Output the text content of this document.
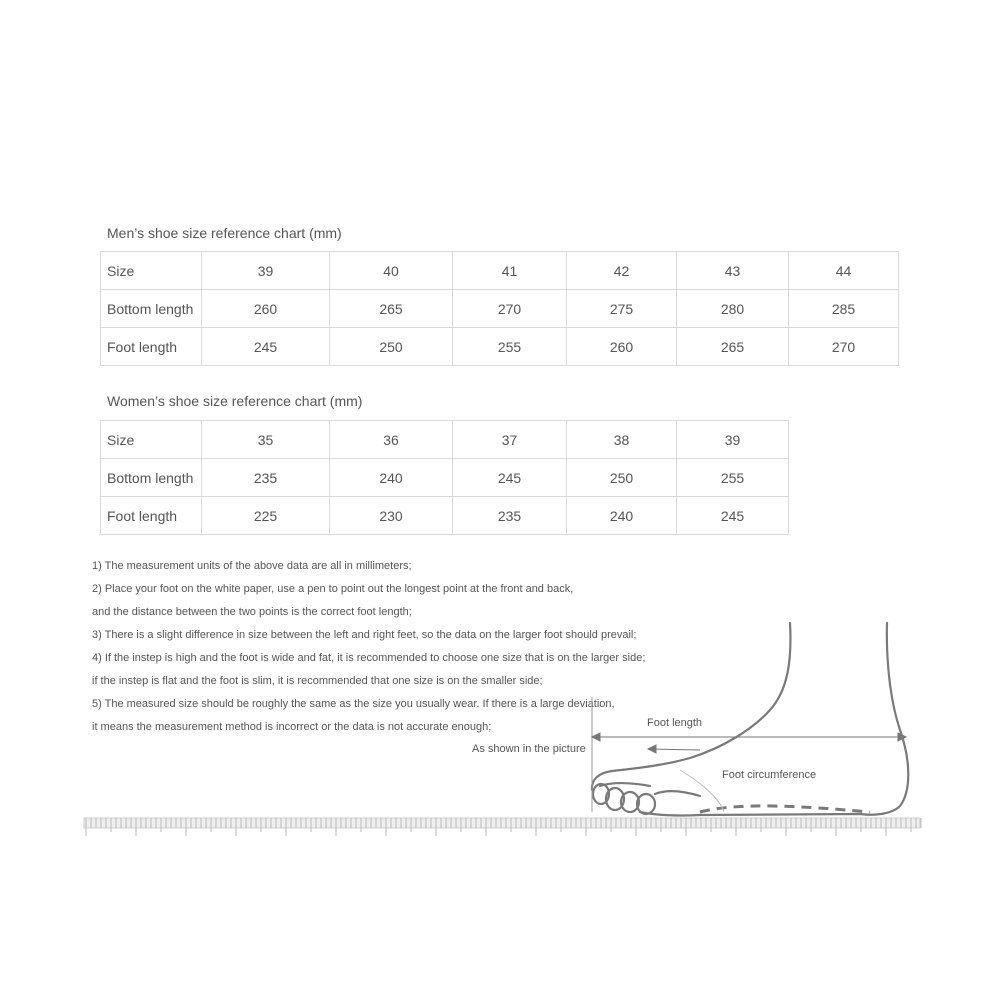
Men’s shoe size reference chart (mm)
Size	39	40	41	42	43	44
Bottom length	260	265	270	275	280	285
Foot length	245	250	255	260	265	270
Women’s shoe size reference chart (mm)
Size	35	36	37	38	39
Bottom length	235	240	245	250	255
Foot length	225	230	235	240	245
1) The measurement units of the above data are all in millimeters;
2) Place your foot on the white paper, use a pen to point out the longest point at the front and back,
and the distance between the two points is the correct foot length;
3) There is a slight difference in size between the left and right feet, so the data on the larger foot should prevail;
4) If the instep is high and the foot is wide and fat, it is recommended to choose one size that is on the larger side;
if the instep is flat and the foot is slim, it is recommended that one size is on the smaller side;
5) The measured size should be roughly the same as the size you usually wear. If there is a large deviation,
it means the measurement method is incorrect or the data is not accurate enough;	Foot length
As shown in the picture
Foot circumference
